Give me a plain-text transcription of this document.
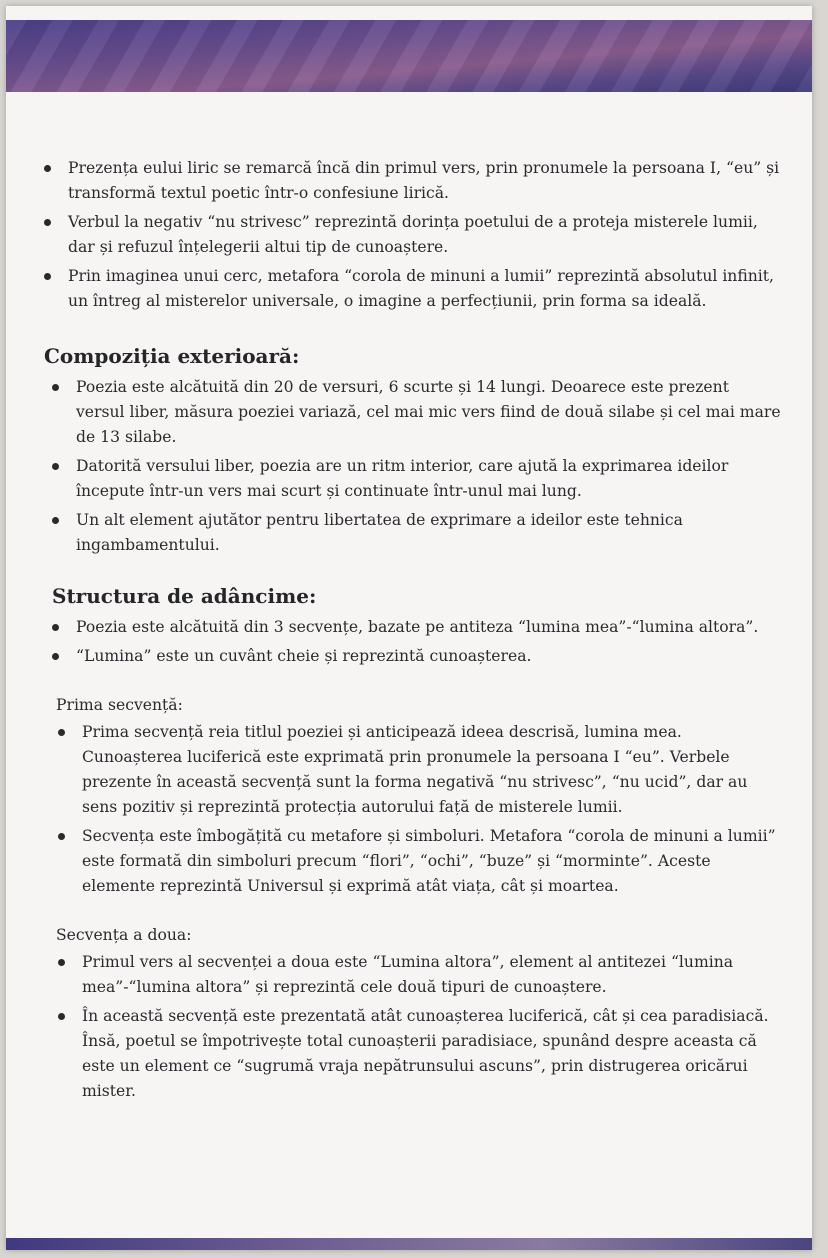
Prezența eului liric se remarcă încă din primul vers, prin pronumele la persoana I, “eu” și transformă textul poetic într-o confesiune lirică.
Verbul la negativ “nu strivesc” reprezintă dorința poetului de a proteja misterele lumii, dar și refuzul înțelegerii altui tip de cunoaștere.
Prin imaginea unui cerc, metafora “corola de minuni a lumii” reprezintă absolutul infinit, un întreg al misterelor universale, o imagine a perfecțiunii, prin forma sa ideală.
Compoziția exterioară:
Poezia este alcătuită din 20 de versuri, 6 scurte și 14 lungi. Deoarece este prezent versul liber, măsura poeziei variază, cel mai mic vers fiind de două silabe și cel mai mare de 13 silabe.
Datorită versului liber, poezia are un ritm interior, care ajută la exprimarea ideilor începute într-un vers mai scurt și continuate într-unul mai lung.
Un alt element ajutător pentru libertatea de exprimare a ideilor este tehnica ingambamentului.
Structura de adâncime:
Poezia este alcătuită din 3 secvențe, bazate pe antiteza “lumina mea”-“lumina altora”.
“Lumina” este un cuvânt cheie și reprezintă cunoașterea.
Prima secvență:
Prima secvență reia titlul poeziei și anticipează ideea descrisă, lumina mea. Cunoașterea luciferică este exprimată prin pronumele la persoana I “eu”. Verbele prezente în această secvență sunt la forma negativă “nu strivesc”, “nu ucid”, dar au sens pozitiv și reprezintă protecția autorului față de misterele lumii.
Secvența este îmbogățită cu metafore și simboluri. Metafora “corola de minuni a lumii” este formată din simboluri precum “flori”, “ochi”, “buze” și “morminte”. Aceste elemente reprezintă Universul și exprimă atât viața, cât și moartea.
Secvența a doua:
Primul vers al secvenței a doua este “Lumina altora”, element al antitezei “lumina mea”-“lumina altora” și reprezintă cele două tipuri de cunoaștere.
În această secvență este prezentată atât cunoașterea luciferică, cât și cea paradisiacă. Însă, poetul se împotrivește total cunoașterii paradisiace, spunând despre aceasta că este un element ce “sugrumă vraja nepătrunsului ascuns”, prin distrugerea oricărui mister.
